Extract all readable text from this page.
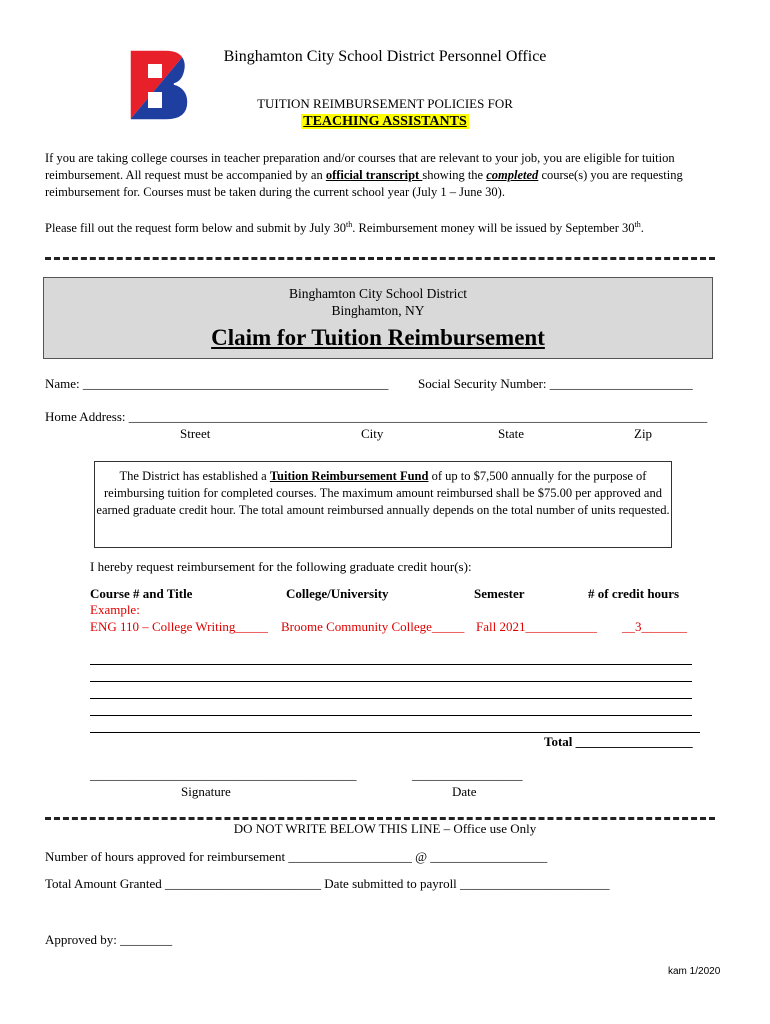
Binghamton City School District Personnel Office
TUITION REIMBURSEMENT POLICIES FOR
TEACHING ASSISTANTS
If you are taking college courses in teacher preparation and/or courses that are relevant to your job, you are eligible for tuition reimbursement. All request must be accompanied by an official transcript showing the completed course(s) you are requesting reimbursement for. Courses must be taken during the current school year (July 1 – June 30).
Please fill out the request form below and submit by July 30th. Reimbursement money will be issued by September 30th.
Binghamton City School District
Binghamton, NY
Claim for Tuition Reimbursement
Name: _______________________________________________ Social Security Number: ______________________
Home Address: _________________________________________________________________________________________
Street	City	State	Zip
The District has established a Tuition Reimbursement Fund of up to $7,500 annually for the purpose of reimbursing tuition for completed courses. The maximum amount reimbursed shall be $75.00 per approved and earned graduate credit hour. The total amount reimbursed annually depends on the total number of units requested.
I hereby request reimbursement for the following graduate credit hour(s):
Course # and Title	College/University	Semester	# of credit hours
Example:
ENG 110 – College Writing_____ Broome Community College_____ Fall 2021___________ __3_______
Total __________________
_________________________________________	_________________
Signature	Date
DO NOT WRITE BELOW THIS LINE – Office use Only
Number of hours approved for reimbursement ___________________ @ __________________
Total Amount Granted ________________________ Date submitted to payroll _______________________
Approved by: ________
kam 1/2020
